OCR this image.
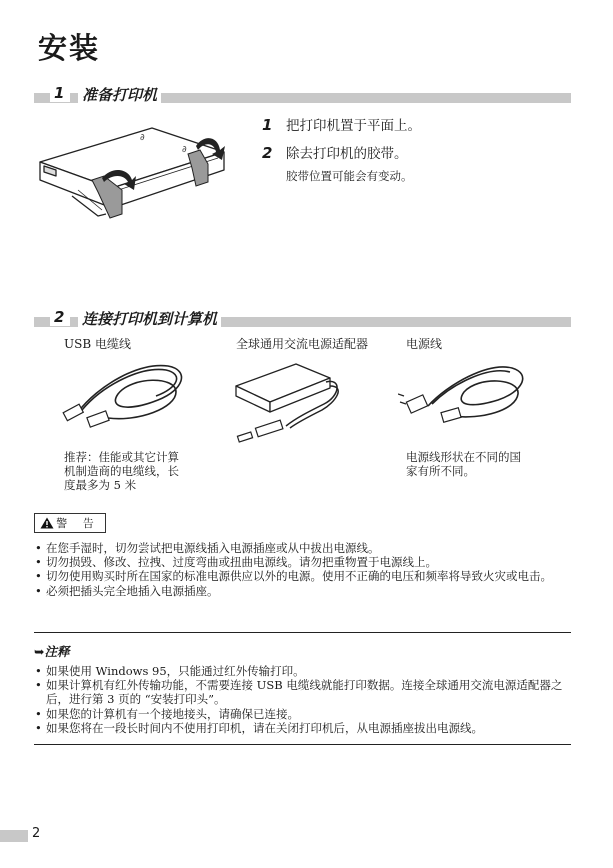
安装
1	准备打印机
∂
∂
1 把打印机置于平面上。
2 除去打印机的胶带。
胶带位置可能会有变动。
2	连接打印机到计算机
USB 电缆线	全球通用交流电源适配器	电源线
推荐：佳能或其它计算
机制造商的电缆线，长
度最多为 5 米
电源线形状在不同的国
家有所不同。
警 告
• 在您手湿时，切勿尝试把电源线插入电源插座或从中拔出电源线。
• 切勿损毁、修改、拉拽、过度弯曲或扭曲电源线。请勿把重物置于电源线上。
• 切勿使用购买时所在国家的标准电源供应以外的电源。使用不正确的电压和频率将导致火灾或电击。
• 必须把插头完全地插入电源插座。
➥注释
• 如果使用 Windows 95，只能通过红外传输打印。
• 如果计算机有红外传输功能，不需要连接 USB 电缆线就能打印数据。连接全球通用交流电源适配器之后，进行第 3 页的 “安装打印头”。
• 如果您的计算机有一个接地接头，请确保已连接。
• 如果您将在一段长时间内不使用打印机，请在关闭打印机后，从电源插座拔出电源线。
2
